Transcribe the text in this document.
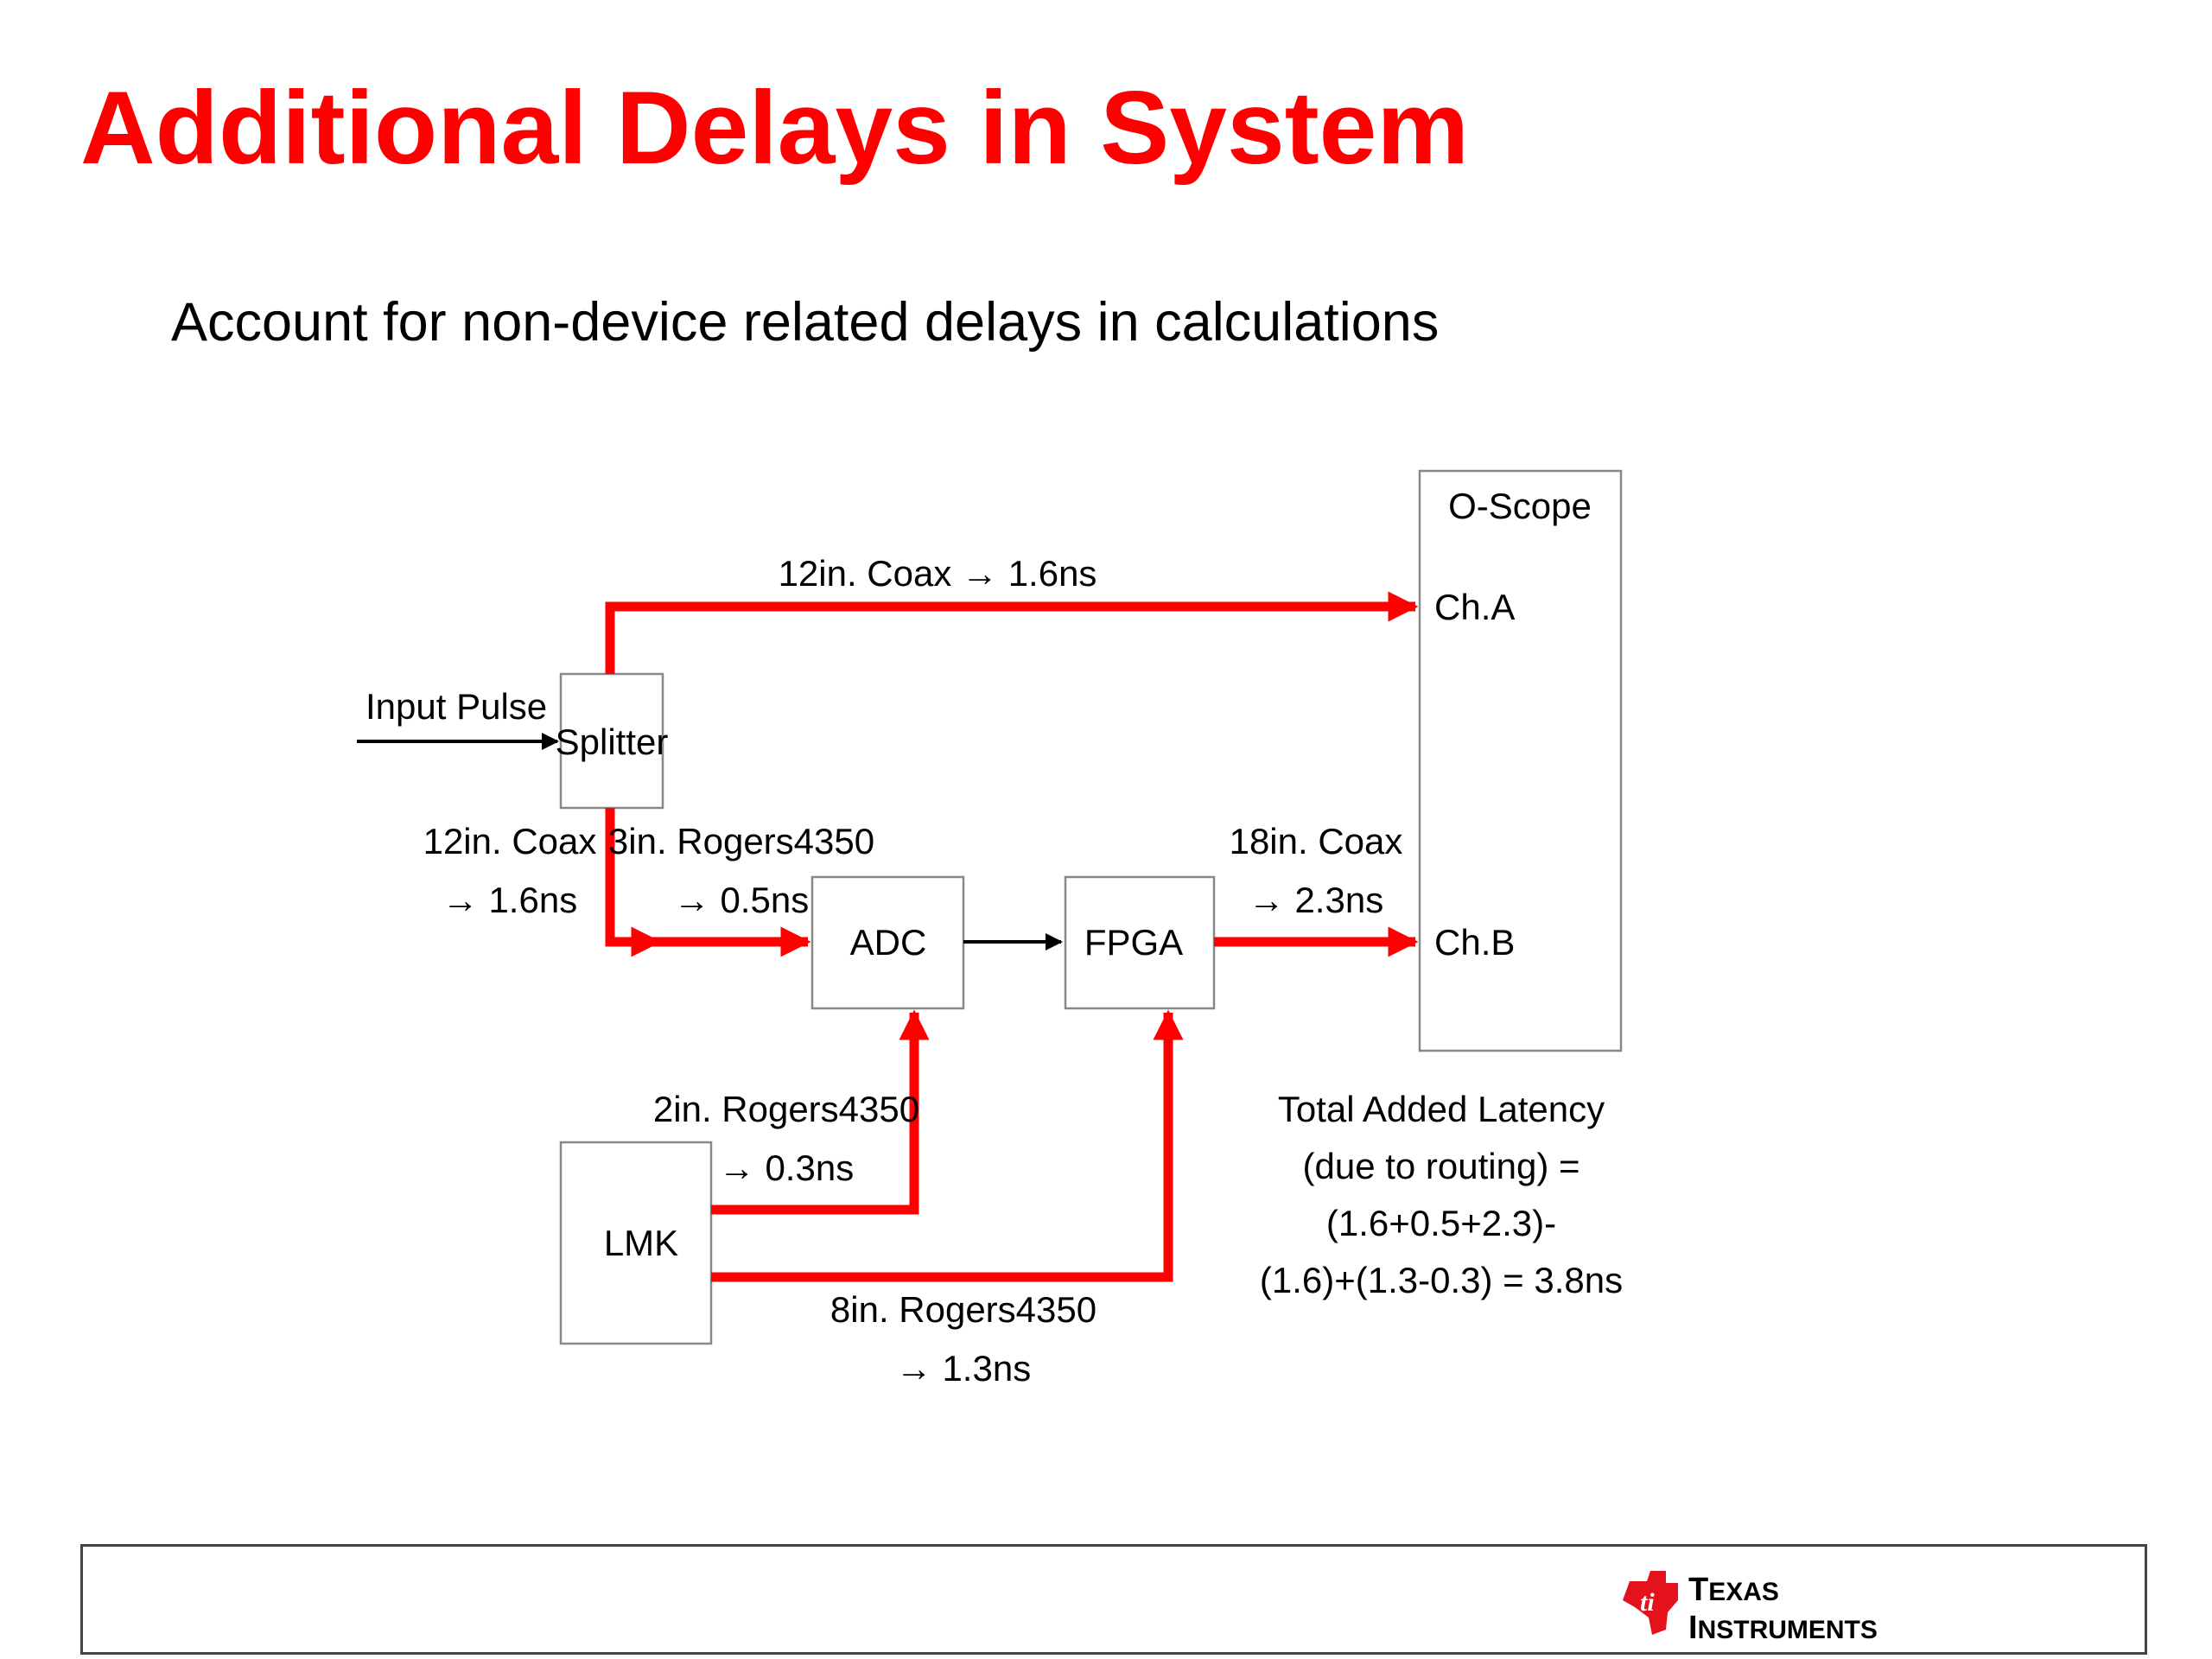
Additional Delays in System

Account for non-device related delays in calculations

O-Scope
Ch.A
Ch.B
Splitter
ADC	FPGA
LMK
Input Pulse
12in. Coax → 1.6ns
12in. Coax
→ 1.6ns
3in. Rogers4350
→ 0.5ns
18in. Coax
→ 2.3ns
2in. Rogers4350
→ 0.3ns
8in. Rogers4350
→ 1.3ns
Total Added Latency
(due to routing) =
(1.6+0.5+2.3)-
(1.6)+(1.3-0.3) = 3.8ns
ti TEXAS
INSTRUMENTS
